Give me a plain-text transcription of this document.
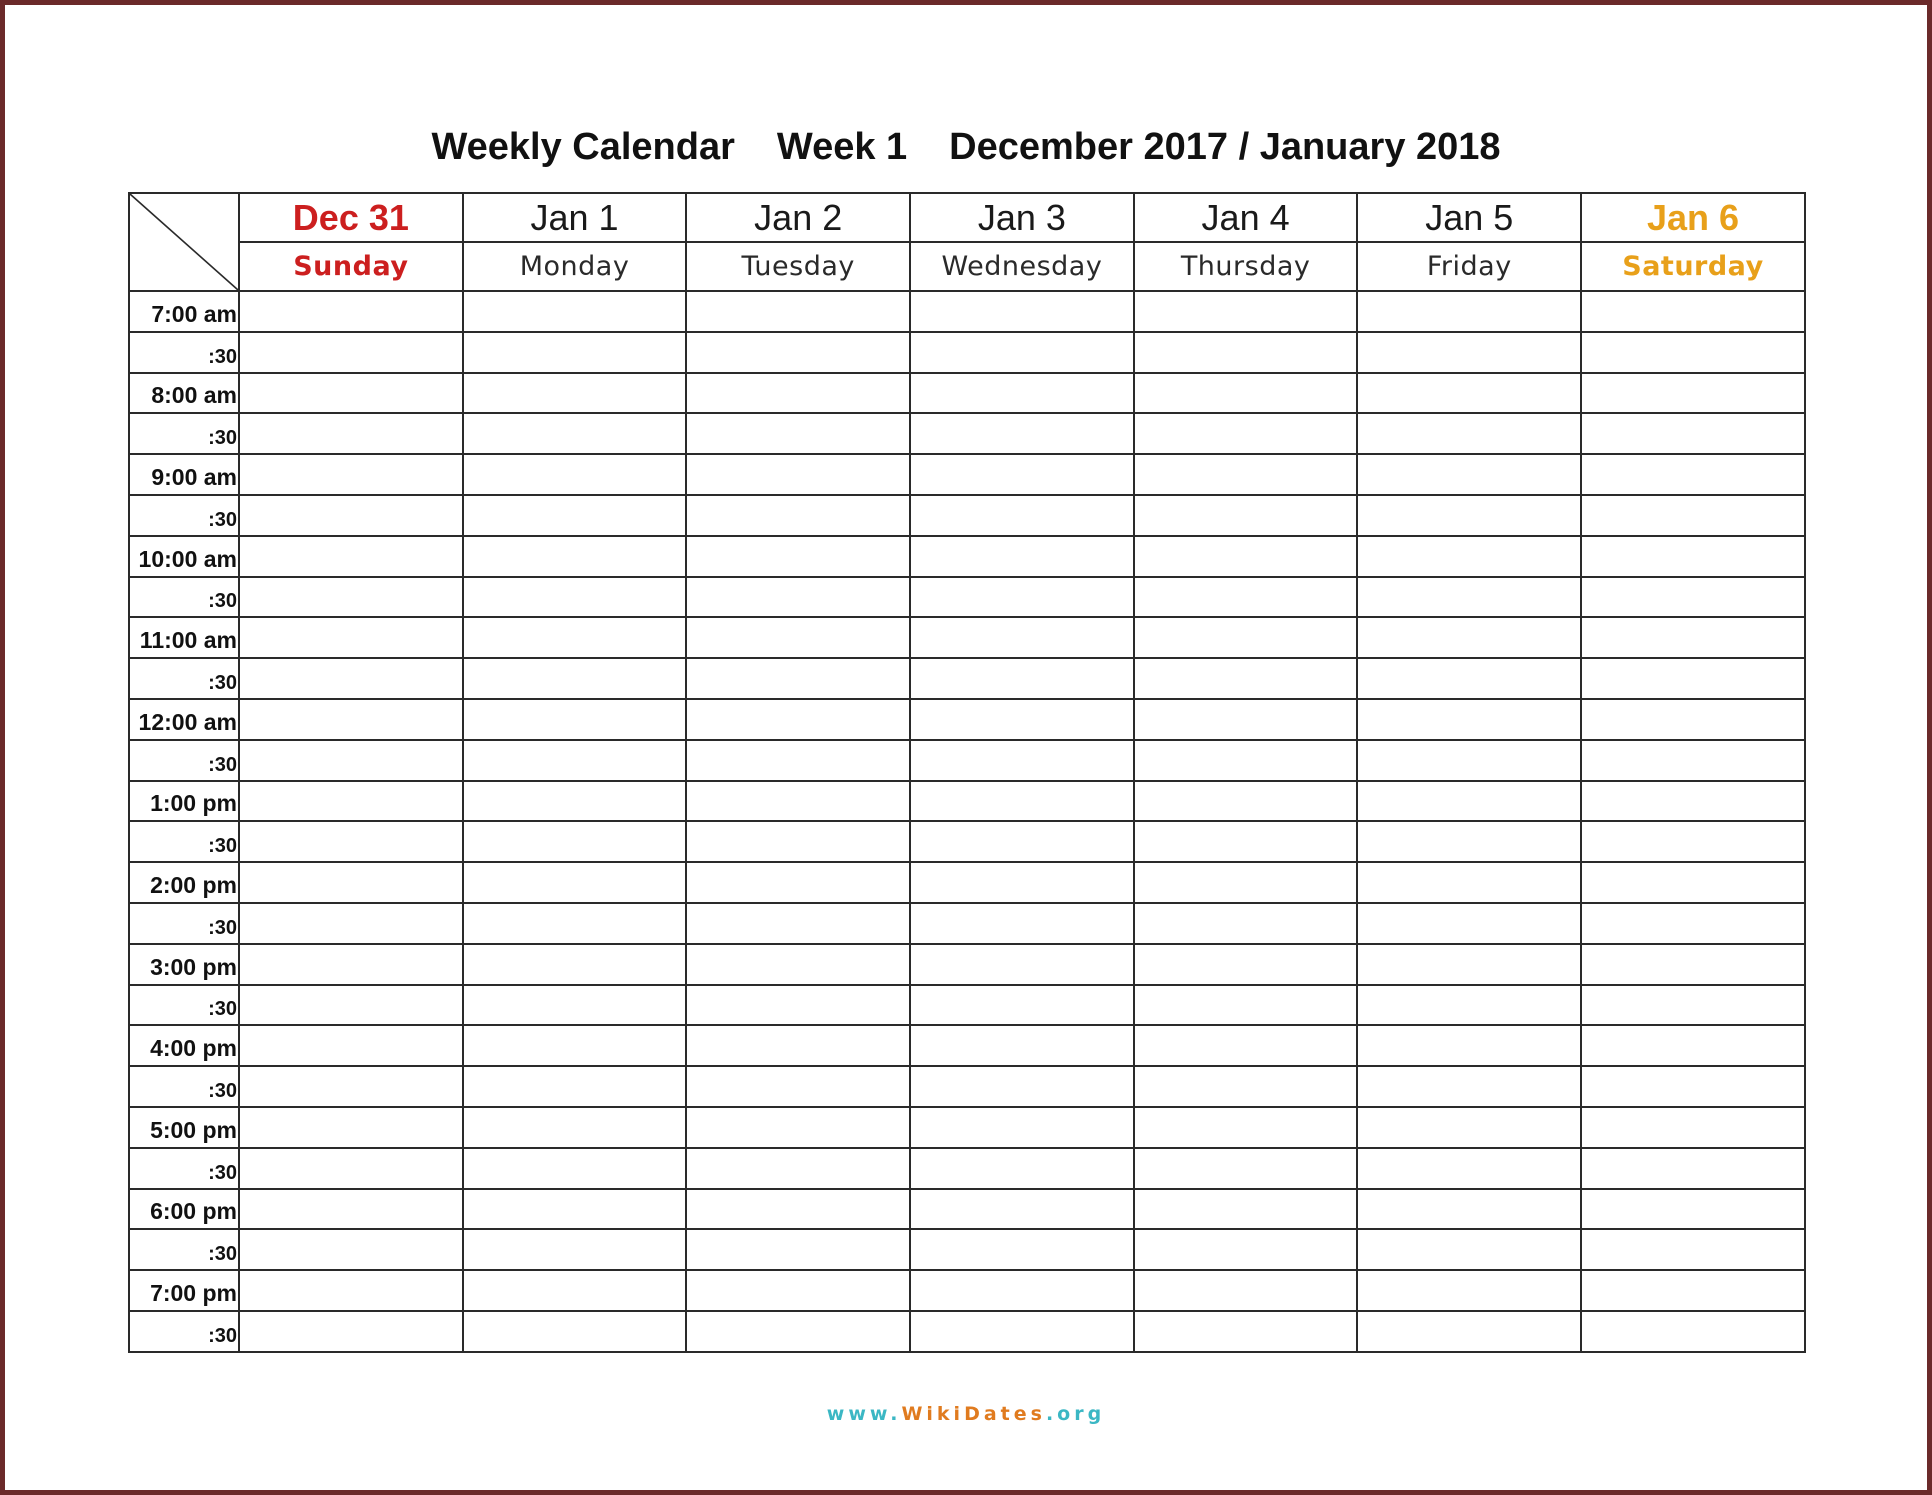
Weekly Calendar Week 1 December 2017 / January 2018
	Dec 31	Jan 1	Jan 2	Jan 3	Jan 4	Jan 5	Jan 6
	Sunday	Monday	Tuesday	Wednesday	Thursday	Friday	Saturday
7:00 am							
:30							
8:00 am							
:30							
9:00 am							
:30							
10:00 am							
:30							
11:00 am							
:30							
12:00 am							
:30							
1:00 pm							
:30							
2:00 pm							
:30							
3:00 pm							
:30							
4:00 pm							
:30							
5:00 pm							
:30							
6:00 pm							
:30							
7:00 pm							
:30							
www.WikiDates.org
